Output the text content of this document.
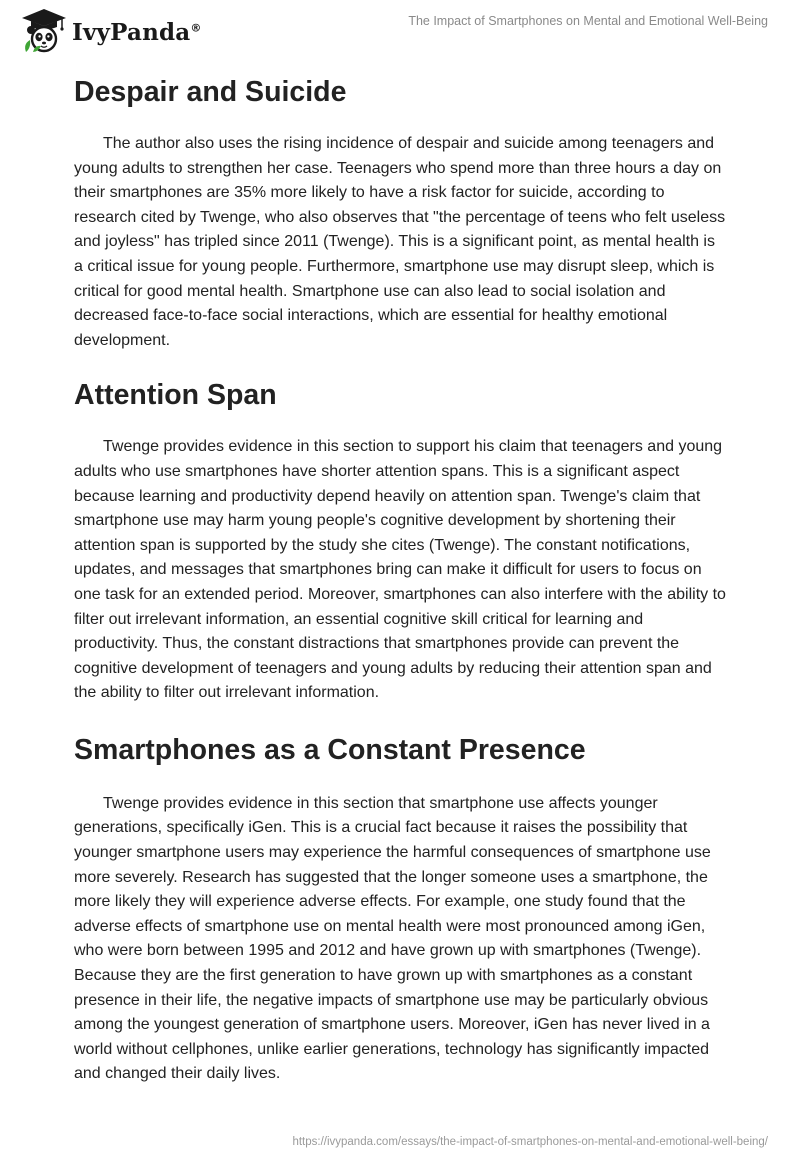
IvyPanda®	The Impact of Smartphones on Mental and Emotional Well-Being
Despair and Suicide

The author also uses the rising incidence of despair and suicide among teenagers and young adults to strengthen her case. Teenagers who spend more than three hours a day on their smartphones are 35% more likely to have a risk factor for suicide, according to research cited by Twenge, who also observes that "the percentage of teens who felt useless and joyless" has tripled since 2011 (Twenge). This is a significant point, as mental health is a critical issue for young people. Furthermore, smartphone use may disrupt sleep, which is critical for good mental health. Smartphone use can also lead to social isolation and decreased face-to-face social interactions, which are essential for healthy emotional development.

Attention Span

Twenge provides evidence in this section to support his claim that teenagers and young adults who use smartphones have shorter attention spans. This is a significant aspect because learning and productivity depend heavily on attention span. Twenge's claim that smartphone use may harm young people's cognitive development by shortening their attention span is supported by the study she cites (Twenge). The constant notifications, updates, and messages that smartphones bring can make it difficult for users to focus on one task for an extended period. Moreover, smartphones can also interfere with the ability to filter out irrelevant information, an essential cognitive skill critical for learning and productivity. Thus, the constant distractions that smartphones provide can prevent the cognitive development of teenagers and young adults by reducing their attention span and the ability to filter out irrelevant information.

Smartphones as a Constant Presence

Twenge provides evidence in this section that smartphone use affects younger generations, specifically iGen. This is a crucial fact because it raises the possibility that younger smartphone users may experience the harmful consequences of smartphone use more severely. Research has suggested that the longer someone uses a smartphone, the more likely they will experience adverse effects. For example, one study found that the adverse effects of smartphone use on mental health were most pronounced among iGen, who were born between 1995 and 2012 and have grown up with smartphones (Twenge). Because they are the first generation to have grown up with smartphones as a constant presence in their life, the negative impacts of smartphone use may be particularly obvious among the youngest generation of smartphone users. Moreover, iGen has never lived in a world without cellphones, unlike earlier generations, technology has significantly impacted and changed their daily lives.

https://ivypanda.com/essays/the-impact-of-smartphones-on-mental-and-emotional-well-being/
